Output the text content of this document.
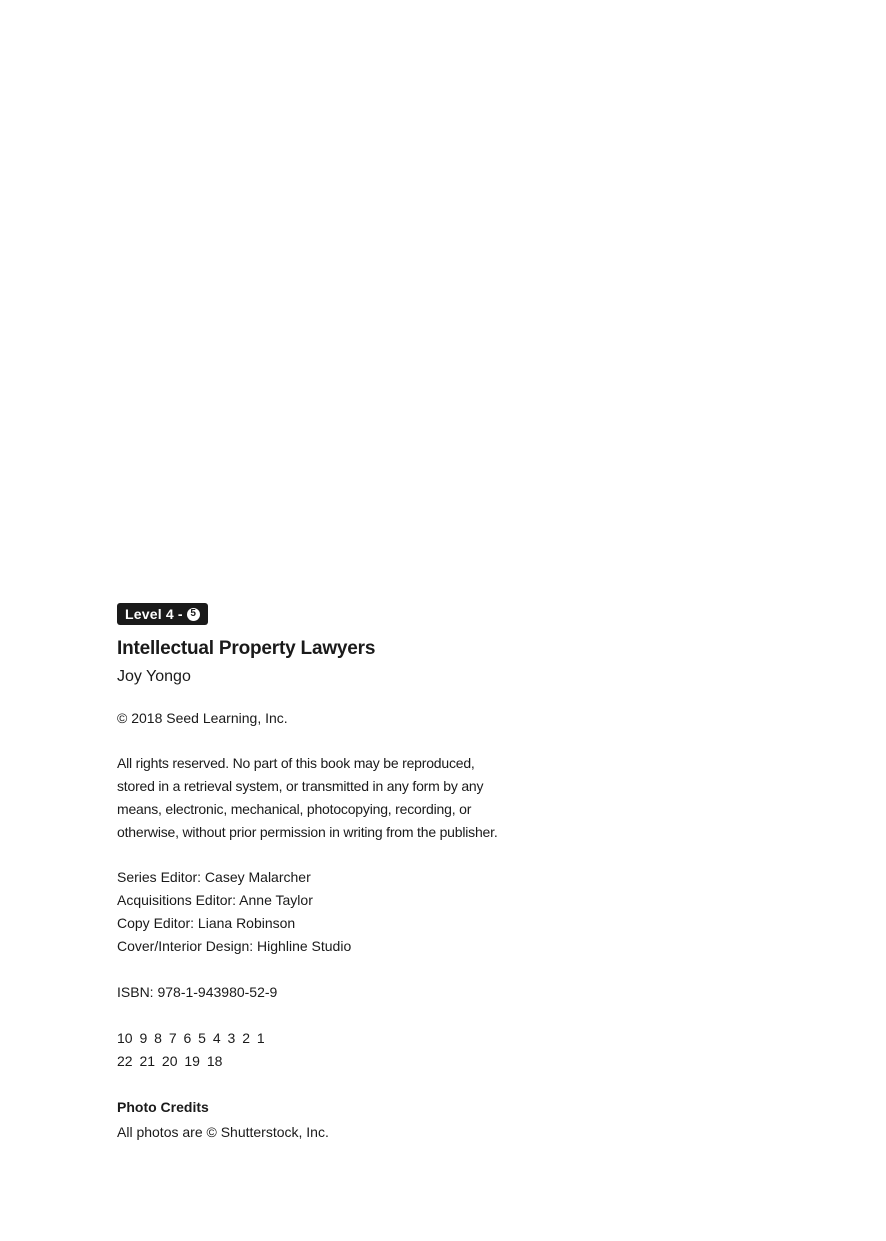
Level 4 - 5
Intellectual Property Lawyers

Joy Yongo

© 2018 Seed Learning, Inc.

All rights reserved. No part of this book may be reproduced,

stored in a retrieval system, or transmitted in any form by any

means, electronic, mechanical, photocopying, recording, or

otherwise, without prior permission in writing from the publisher.

Series Editor: Casey Malarcher

Acquisitions Editor: Anne Taylor

Copy Editor: Liana Robinson

Cover/Interior Design: Highline Studio

ISBN: 978-1-943980-52-9

10 9 8 7 6 5 4 3 2 1

22 21 20 19 18

Photo Credits

All photos are © Shutterstock, Inc.
